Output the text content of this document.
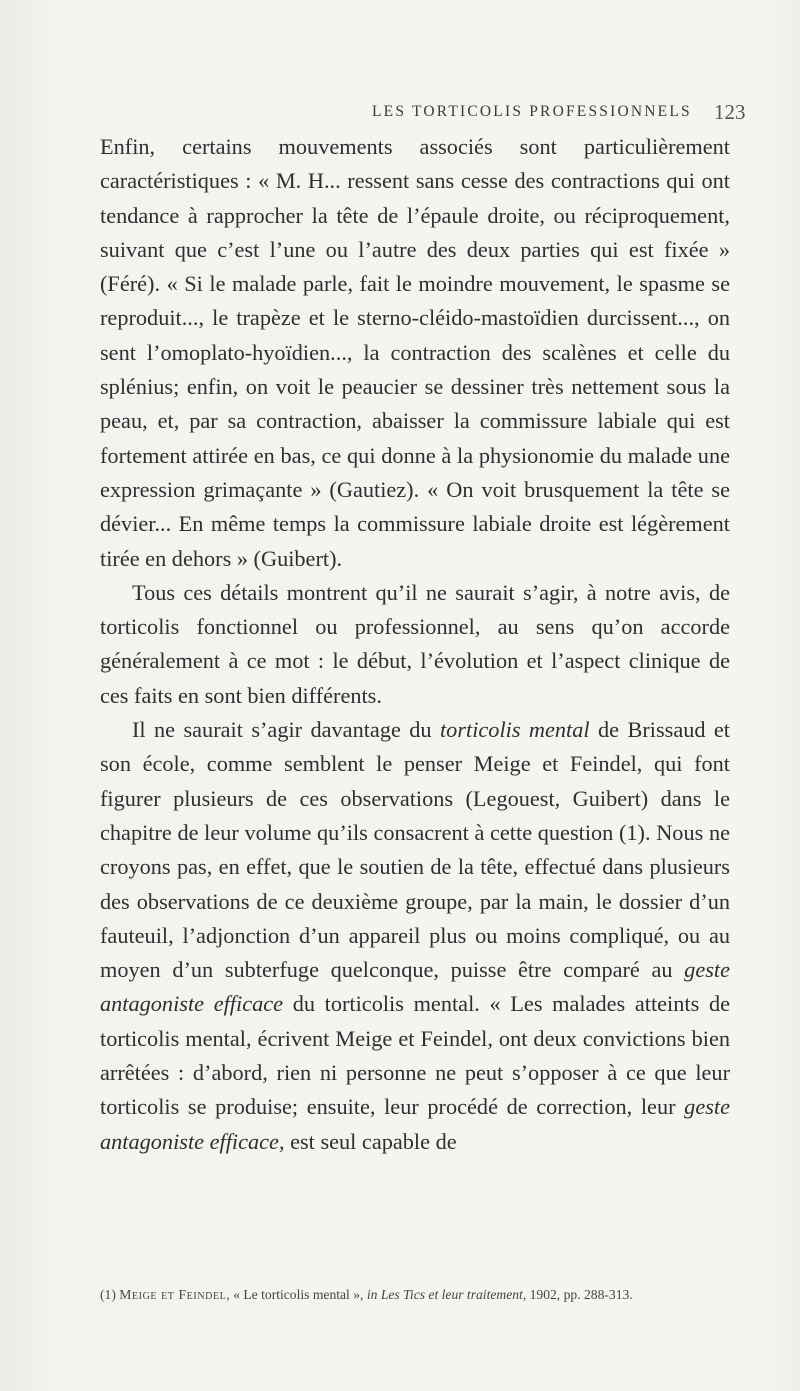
LES TORTICOLIS PROFESSIONNELS 123

Enfin, certains mouvements associés sont particulièrement caractéristiques : « M. H... ressent sans cesse des contractions qui ont tendance à rapprocher la tête de l’épaule droite, ou réciproquement, suivant que c’est l’une ou l’autre des deux parties qui est fixée » (Féré). « Si le malade parle, fait le moindre mouvement, le spasme se reproduit..., le trapèze et le sterno-cléido-mastoïdien durcissent..., on sent l’omoplato-hyoïdien..., la contraction des scalènes et celle du splénius; enfin, on voit le peaucier se dessiner très nettement sous la peau, et, par sa contraction, abaisser la commissure labiale qui est fortement attirée en bas, ce qui donne à la physionomie du malade une expression grimaçante » (Gautiez). « On voit brusquement la tête se dévier... En même temps la commissure labiale droite est légèrement tirée en dehors » (Guibert).

Tous ces détails montrent qu’il ne saurait s’agir, à notre avis, de torticolis fonctionnel ou professionnel, au sens qu’on accorde généralement à ce mot : le début, l’évolution et l’aspect clinique de ces faits en sont bien différents.

Il ne saurait s’agir davantage du torticolis mental de Brissaud et son école, comme semblent le penser Meige et Feindel, qui font figurer plusieurs de ces observations (Legouest, Guibert) dans le chapitre de leur volume qu’ils consacrent à cette question (1). Nous ne croyons pas, en effet, que le soutien de la tête, effectué dans plusieurs des observations de ce deuxième groupe, par la main, le dossier d’un fauteuil, l’adjonction d’un appareil plus ou moins compliqué, ou au moyen d’un subterfuge quelconque, puisse être comparé au geste antagoniste efficace du torticolis mental. « Les malades atteints de torticolis mental, écrivent Meige et Feindel, ont deux convictions bien arrêtées : d’abord, rien ni personne ne peut s’opposer à ce que leur torticolis se produise; ensuite, leur procédé de correction, leur geste antagoniste efficace, est seul capable de

(1) Meige et Feindel, « Le torticolis mental », in Les Tics et leur traitement, 1902, pp. 288-313.
